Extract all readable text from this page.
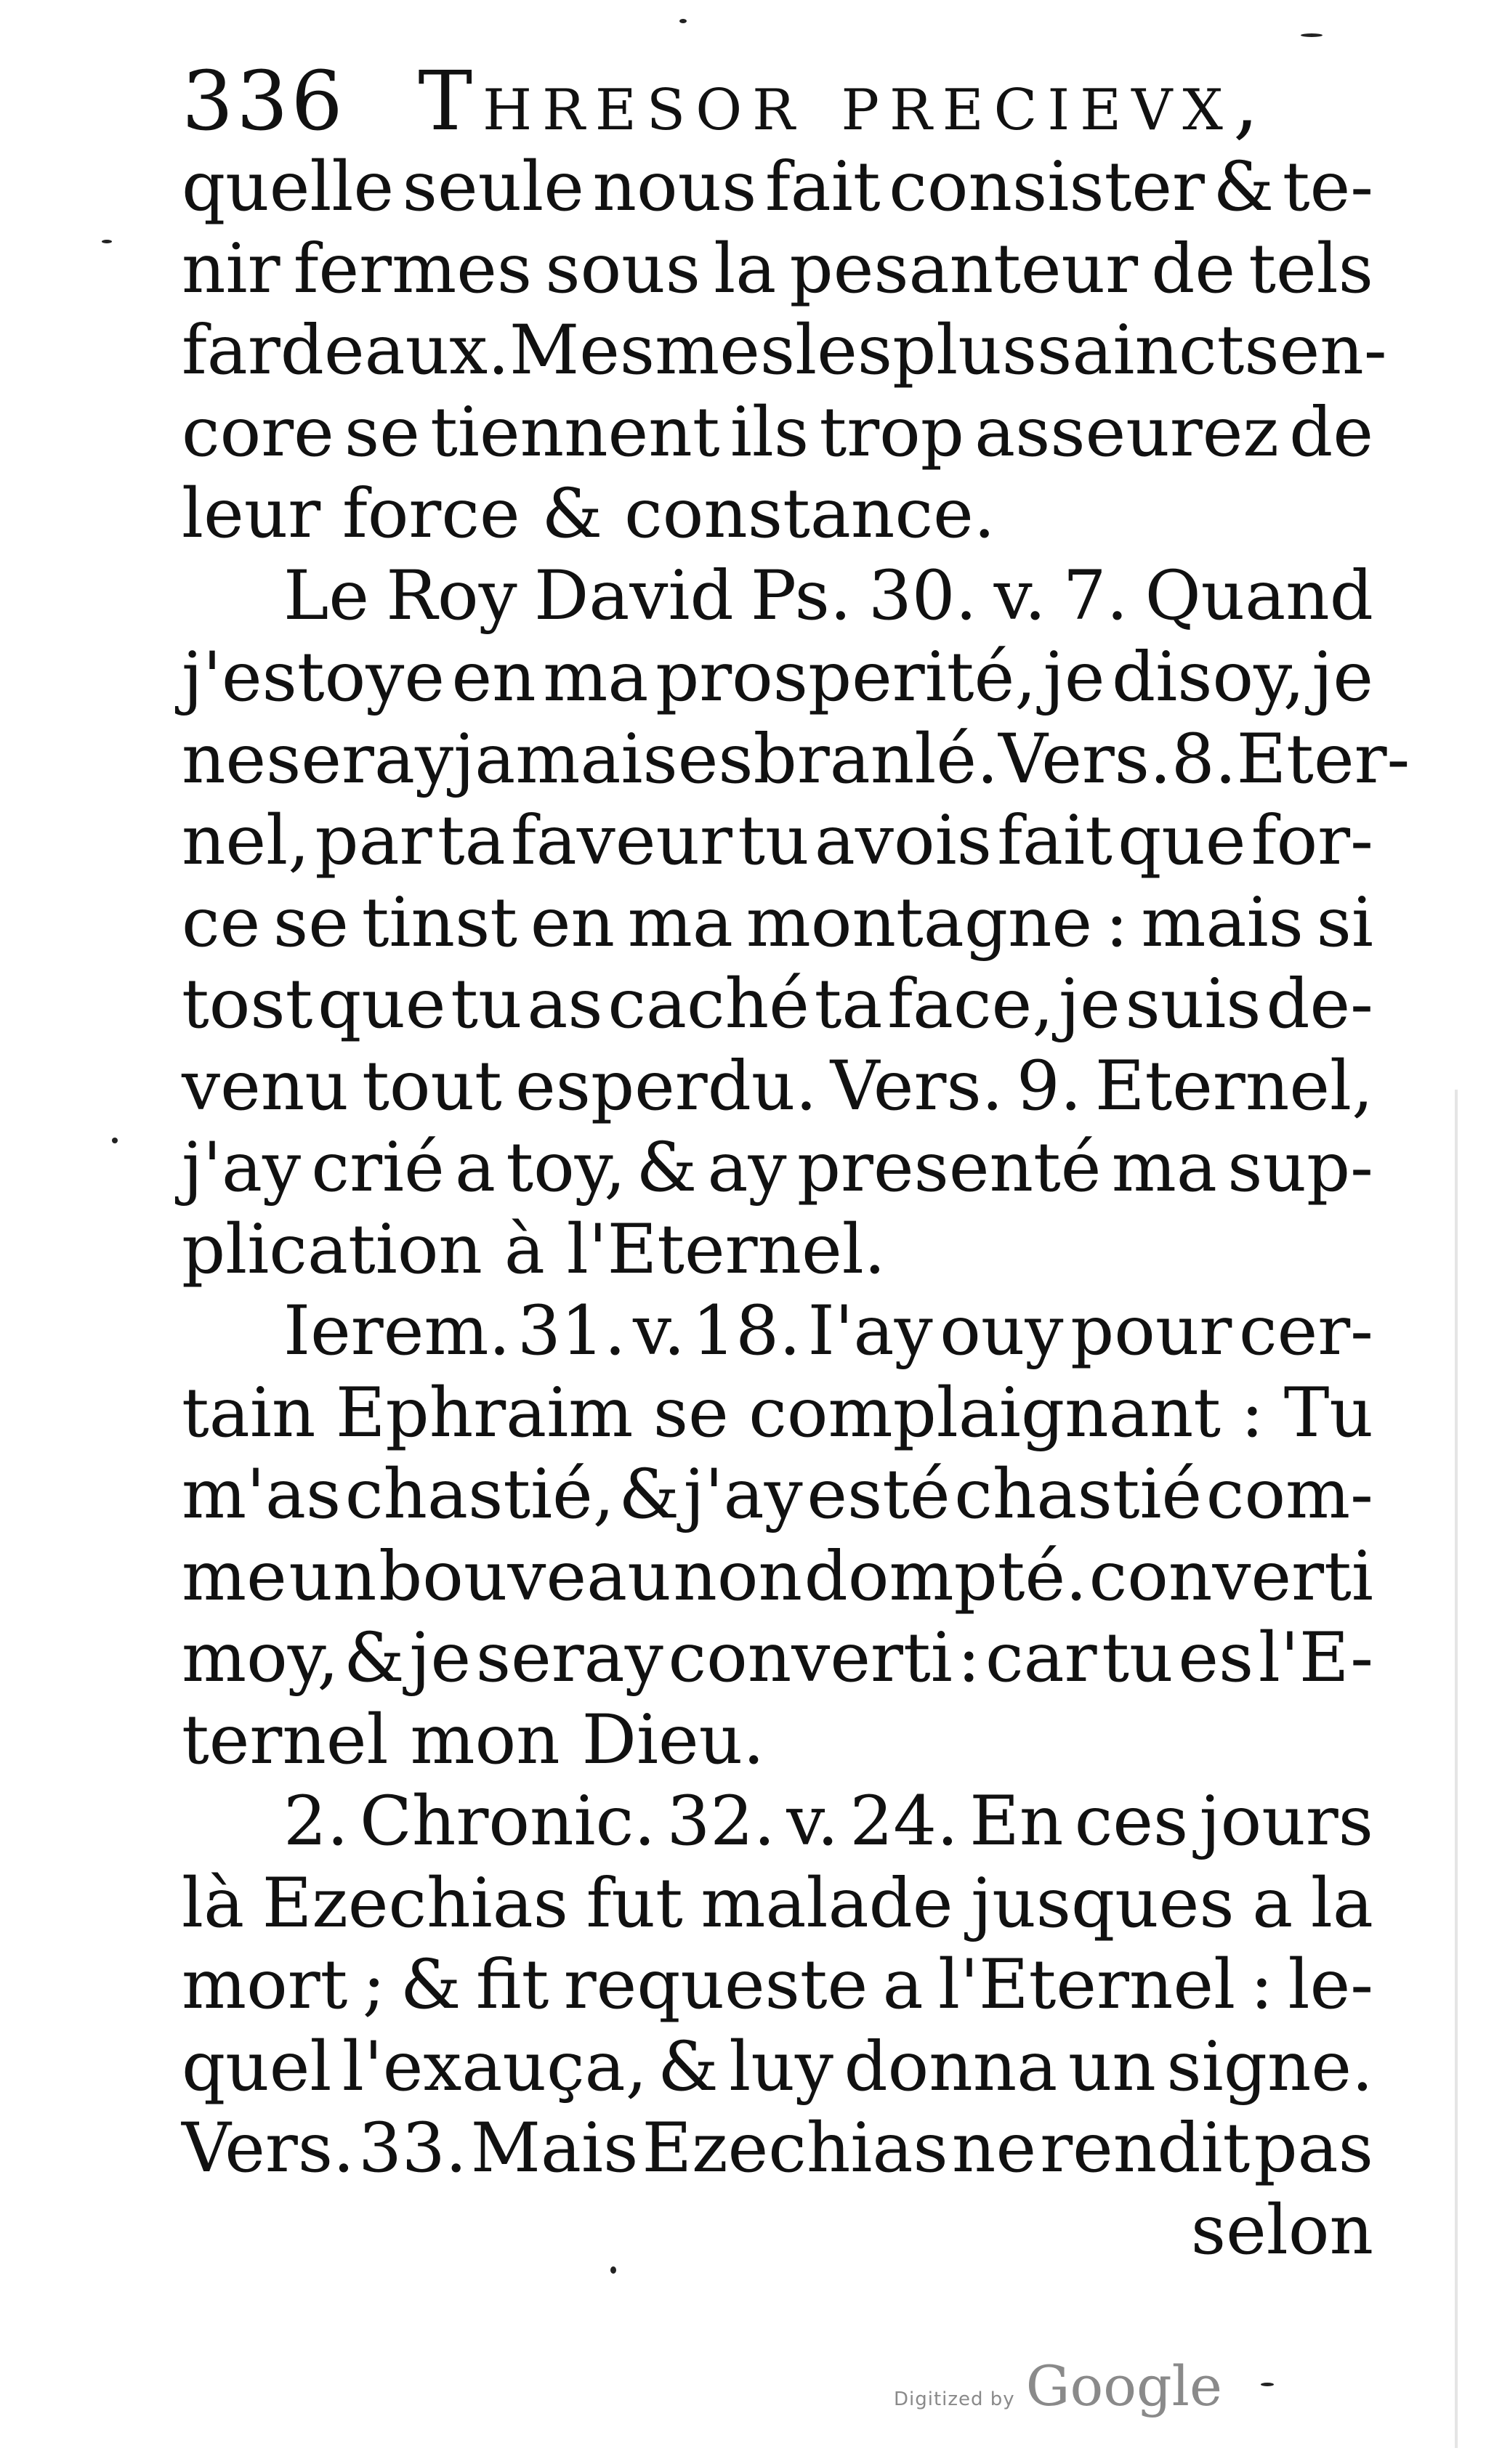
336 Thresor precievx,
quelle seule nous fait consister & te-
nir fermes sous la pesanteur de tels
fardeaux. Mesmes les plus saincts en-
core se tiennent ils trop asseurez de
leur force & constance.
Le Roy David Ps. 30. v. 7. Quand
j'estoye en ma prosperité, je disoy, je
ne seray jamais esbranlé. Vers. 8. Eter-
nel, par ta faveur tu avois fait que for-
ce se tinst en ma montagne : mais si
tost que tu as caché ta face, je suis de-
venu tout esperdu. Vers. 9. Eternel,
j'ay crié a toy, & ay presenté ma sup-
plication à l'Eternel.
Ierem. 31. v. 18. I'ay ouy pour cer-
tain Ephraim se complaignant : Tu
m'as chastié, & j'ay esté chastié com-
me un bouveau non dompté. converti
moy, & je seray converti : car tu es l'E-
ternel mon Dieu.
2. Chronic. 32. v. 24. En ces jours
là Ezechias fut malade jusques a la
mort ; & fit requeste a l'Eternel : le-
quel l'exauça, & luy donna un signe.
Vers. 33. Mais Ezechias ne rendit pas
selon
Digitized by Google
